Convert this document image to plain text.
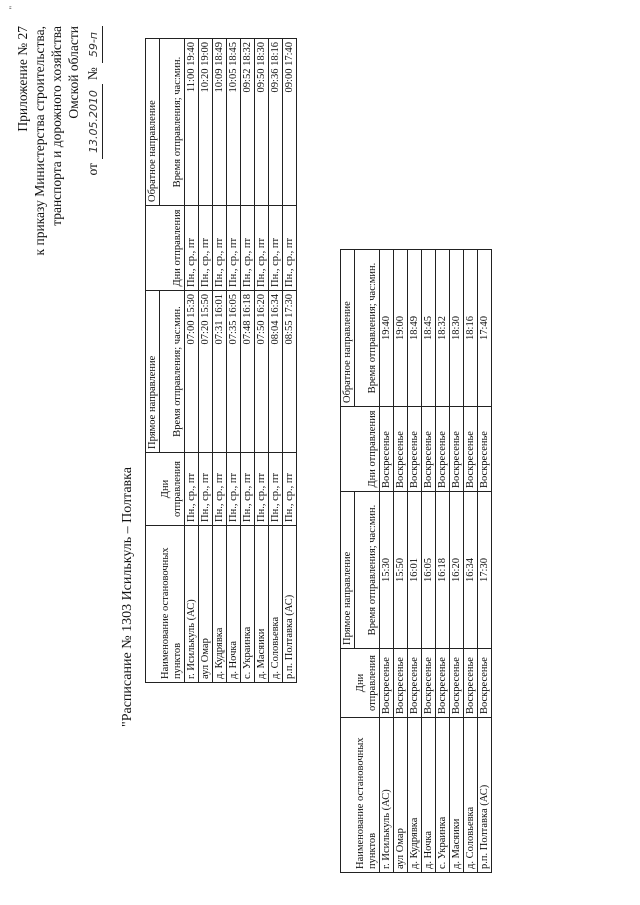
"
Приложение № 27 к приказу Министерства строительства, транспорта и дорожного хозяйства Омской области
от
13.05.2010
№
59-п
"Расписание № 1303 Исилькуль – Полтавка Наименование остановочных пунктов		Прямое направление		Обратное направление
	Дни отправления	Время отправления; час:мин.	Дни отправления	Время отправления; час:мин.
г. Исилькуль (АС)	Пн., ср., пт	07:00 15:30	Пн., ср., пт	11:00 19:40
аул Омар	Пн., ср., пт	07:20 15:50	Пн., ср., пт	10:20 19:00
д. Кудрявка	Пн., ср., пт	07:31 16:01	Пн., ср., пт	10:09 18:49
д. Ночка	Пн., ср., пт	07:35 16:05	Пн., ср., пт	10:05 18:45
с. Украинка	Пн., ср., пт	07:48 16:18	Пн., ср., пт	09:52 18:32
д. Масяики	Пн., ср., пт	07:50 16:20	Пн., ср., пт	09:50 18:30
д. Соловьевка	Пн., ср., пт	08:04 16:34	Пн., ср., пт	09:36 18:16
р.п. Полтавка (АС)	Пн., ср., пт	08:55 17:30	Пн., ср., пт	09:00 17:40
Наименование остановочных пунктов		Прямое направление		Обратное направление
	Дни отправления	Время отправления; час:мин.	Дни отправления	Время отправления; час:мин.
г. Исилькуль (АС)	Воскресенье	15:30	Воскресенье	19:40
аул Омар	Воскресенье	15:50	Воскресенье	19:00
д. Кудрявка	Воскресенье	16:01	Воскресенье	18:49
д. Ночка	Воскресенье	16:05	Воскресенье	18:45
с. Украинка	Воскресенье	16:18	Воскресенье	18:32
д. Масяики	Воскресенье	16:20	Воскресенье	18:30
д. Соловьевка	Воскресенье	16:34	Воскресенье	18:16
р.п. Полтавка (АС)	Воскресенье	17:30	Воскресенье	17:40
